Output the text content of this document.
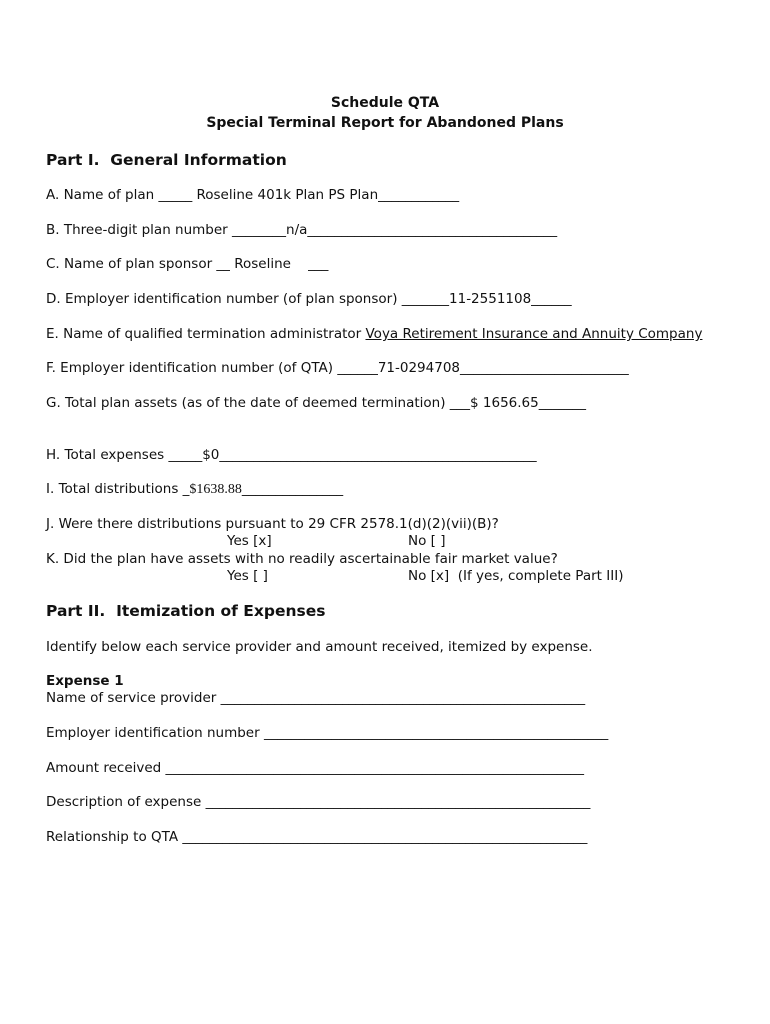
Schedule QTA
Special Terminal Report for Abandoned Plans
Part I.  General Information
A. Name of plan _____ Roseline 401k Plan PS Plan____________
B. Three-digit plan number ________n/a_____________________________________
C. Name of plan sponsor __ Roseline    ___
D. Employer identification number (of plan sponsor) _______11-2551108______
E. Name of qualified termination administrator Voya Retirement Insurance and Annuity Company
F. Employer identification number (of QTA) ______71-0294708_________________________
G. Total plan assets (as of the date of deemed termination) ___$ 1656.65_______
H. Total expenses _____$0_______________________________________________
I. Total distributions _$1638.88_______________
J. Were there distributions pursuant to 29 CFR 2578.1(d)(2)(vii)(B)?
Yes [x]	No [ ]
K. Did the plan have assets with no readily ascertainable fair market value?
Yes [ ]	No [x]  (If yes, complete Part III)
Part II.  Itemization of Expenses
Identify below each service provider and amount received, itemized by expense.
Expense 1
Name of service provider ______________________________________________________
Employer identification number ___________________________________________________
Amount received ______________________________________________________________
Description of expense _________________________________________________________
Relationship to QTA ____________________________________________________________
